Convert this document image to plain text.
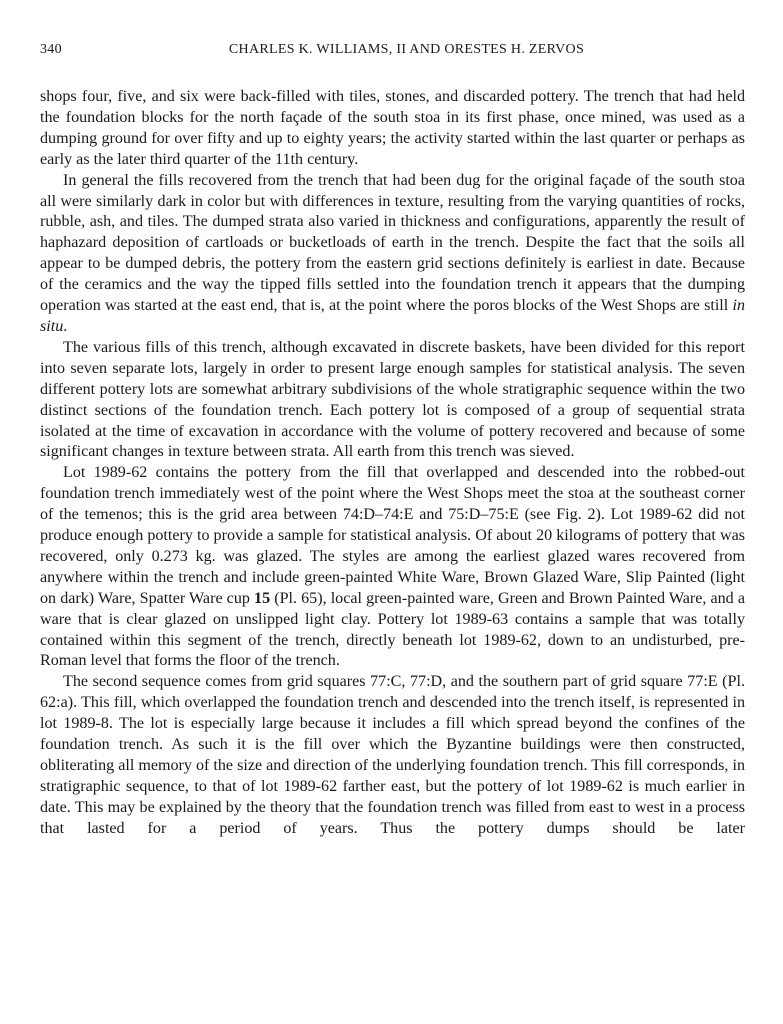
340	CHARLES K. WILLIAMS, II AND ORESTES H. ZERVOS

shops four, five, and six were back-filled with tiles, stones, and discarded pottery. The trench that had held the foundation blocks for the north façade of the south stoa in its first phase, once mined, was used as a dumping ground for over fifty and up to eighty years; the activity started within the last quarter or perhaps as early as the later third quarter of the 11th century.

In general the fills recovered from the trench that had been dug for the original façade of the south stoa all were similarly dark in color but with differences in texture, resulting from the varying quantities of rocks, rubble, ash, and tiles. The dumped strata also varied in thickness and configurations, apparently the result of haphazard deposition of cartloads or bucketloads of earth in the trench. Despite the fact that the soils all appear to be dumped debris, the pottery from the eastern grid sections definitely is earliest in date. Because of the ceramics and the way the tipped fills settled into the foundation trench it appears that the dumping operation was started at the east end, that is, at the point where the poros blocks of the West Shops are still in situ.

The various fills of this trench, although excavated in discrete baskets, have been divided for this report into seven separate lots, largely in order to present large enough samples for statistical analysis. The seven different pottery lots are somewhat arbitrary subdivisions of the whole stratigraphic sequence within the two distinct sections of the foundation trench. Each pottery lot is composed of a group of sequential strata isolated at the time of excavation in accordance with the volume of pottery recovered and because of some significant changes in texture between strata. All earth from this trench was sieved.

Lot 1989-62 contains the pottery from the fill that overlapped and descended into the robbed-out foundation trench immediately west of the point where the West Shops meet the stoa at the southeast corner of the temenos; this is the grid area between 74:D–74:E and 75:D–75:E (see Fig. 2). Lot 1989-62 did not produce enough pottery to provide a sample for statistical analysis. Of about 20 kilograms of pottery that was recovered, only 0.273 kg. was glazed. The styles are among the earliest glazed wares recovered from anywhere within the trench and include green-painted White Ware, Brown Glazed Ware, Slip Painted (light on dark) Ware, Spatter Ware cup 15 (Pl. 65), local green-painted ware, Green and Brown Painted Ware, and a ware that is clear glazed on unslipped light clay. Pottery lot 1989-63 contains a sample that was totally contained within this segment of the trench, directly beneath lot 1989-62, down to an undisturbed, pre-Roman level that forms the floor of the trench.

The second sequence comes from grid squares 77:C, 77:D, and the southern part of grid square 77:E (Pl. 62:a). This fill, which overlapped the foundation trench and descended into the trench itself, is represented in lot 1989-8. The lot is especially large because it includes a fill which spread beyond the confines of the foundation trench. As such it is the fill over which the Byzantine buildings were then constructed, obliterating all memory of the size and direction of the underlying foundation trench. This fill corresponds, in stratigraphic sequence, to that of lot 1989-62 farther east, but the pottery of lot 1989-62 is much earlier in date. This may be explained by the theory that the foundation trench was filled from east to west in a process that lasted for a period of years. Thus the pottery dumps should be later
